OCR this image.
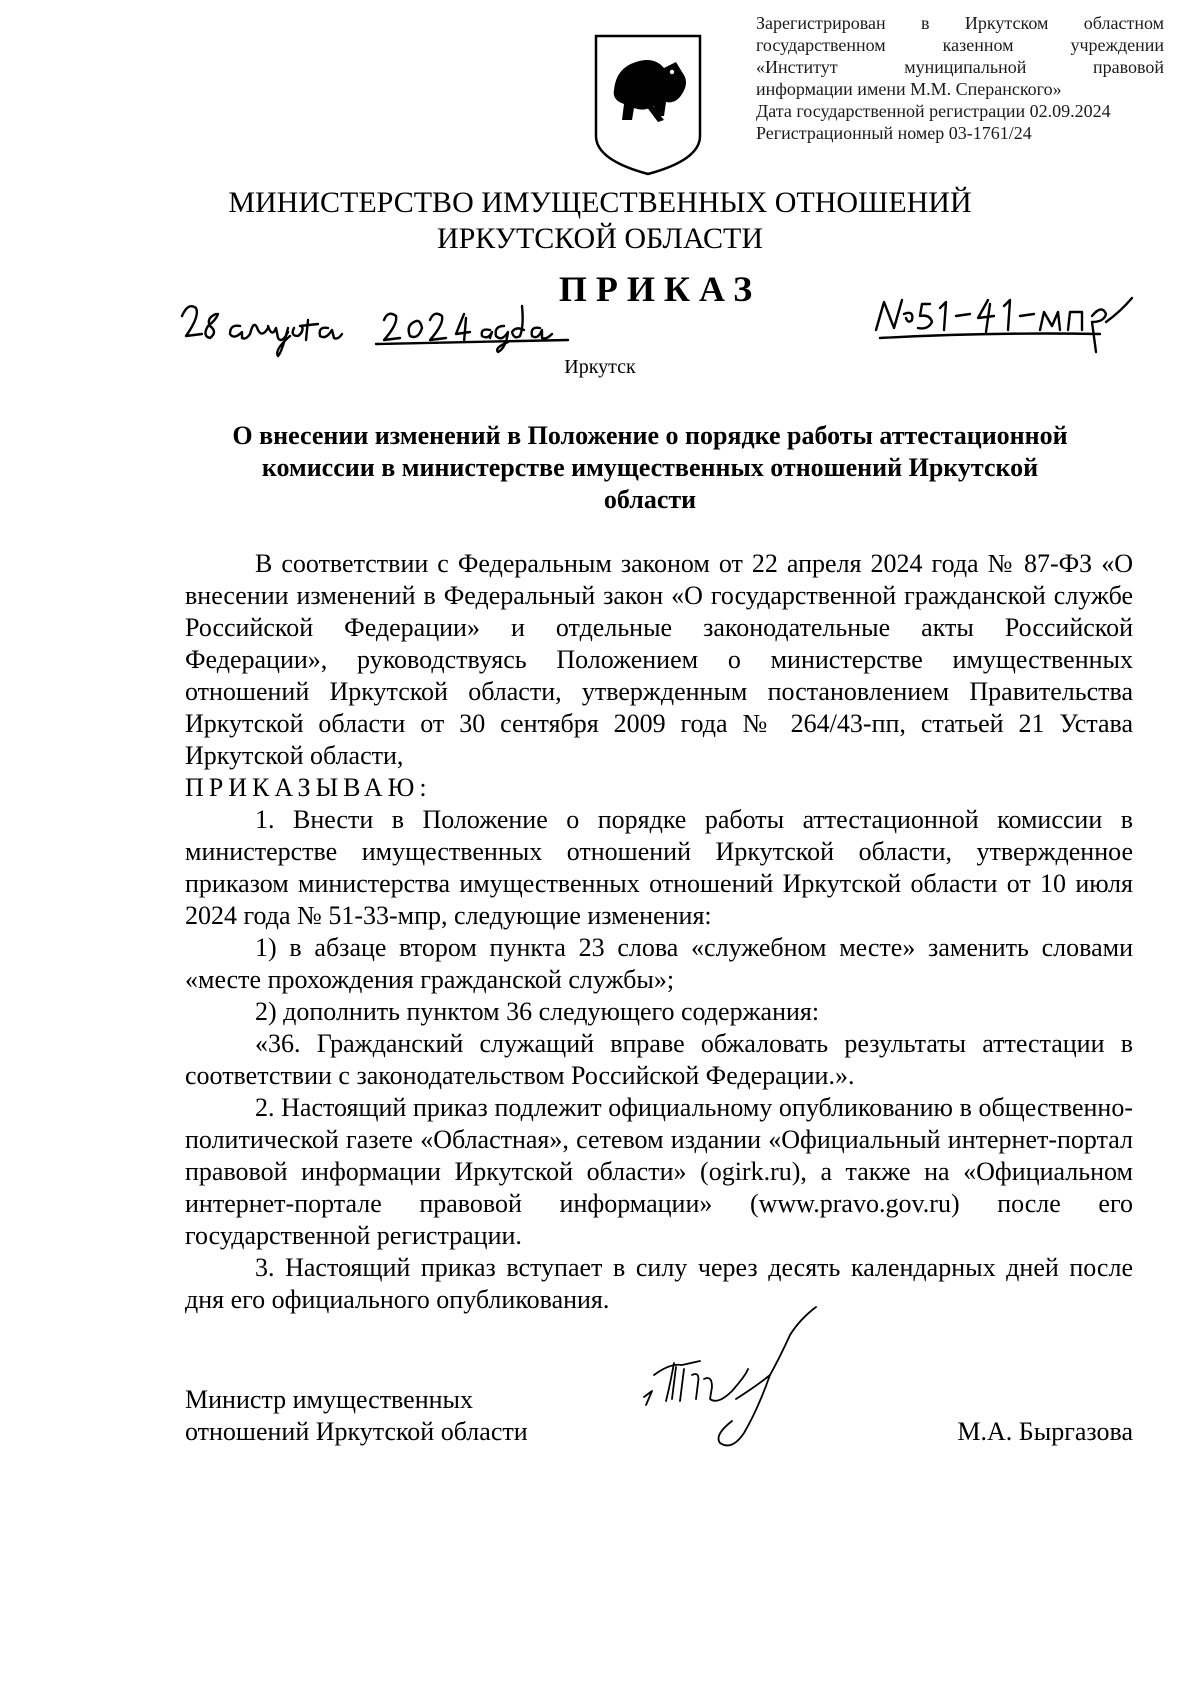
Зарегистрирован в Иркутском областном
государственном казенном учреждении
«Институт муниципальной правовой
информации имени М.М. Сперанского»
Дата государственной регистрации 02.09.2024
Регистрационный номер 03-1761/24
МИНИСТЕРСТВО ИМУЩЕСТВЕННЫХ ОТНОШЕНИЙ
ИРКУТСКОЙ ОБЛАСТИ
ПРИКАЗ
Иркутск
О внесении изменений в Положение о порядке работы аттестационной
комиссии в министерстве имущественных отношений Иркутской
области

В соответствии с Федеральным законом от 22 апреля 2024 года № 87-ФЗ «О внесении изменений в Федеральный закон «О государственной гражданской службе Российской Федерации» и отдельные законодательные акты Российской Федерации», руководствуясь Положением о министерстве имущественных отношений Иркутской области, утвержденным постановлением Правительства Иркутской области от 30 сентября 2009 года № 264/43-пп, статьей 21 Устава Иркутской области,

ПРИКАЗЫВАЮ:

1. Внести в Положение о порядке работы аттестационной комиссии в министерстве имущественных отношений Иркутской области, утвержденное приказом министерства имущественных отношений Иркутской области от 10 июля 2024 года № 51-33-мпр, следующие изменения:

1) в абзаце втором пункта 23 слова «служебном месте» заменить словами «месте прохождения гражданской службы»;

2) дополнить пунктом 36 следующего содержания:

«36. Гражданский служащий вправе обжаловать результаты аттестации в соответствии с законодательством Российской Федерации.».

2. Настоящий приказ подлежит официальному опубликованию в общественно-политической газете «Областная», сетевом издании «Официальный интернет-портал правовой информации Иркутской области» (ogirk.ru), а также на «Официальном интернет-портале правовой информации» (www.pravo.gov.ru) после его государственной регистрации.

3. Настоящий приказ вступает в силу через десять календарных дней после дня его официального опубликования.

Министр имущественных
отношений Иркутской области	М.А. Быргазова
